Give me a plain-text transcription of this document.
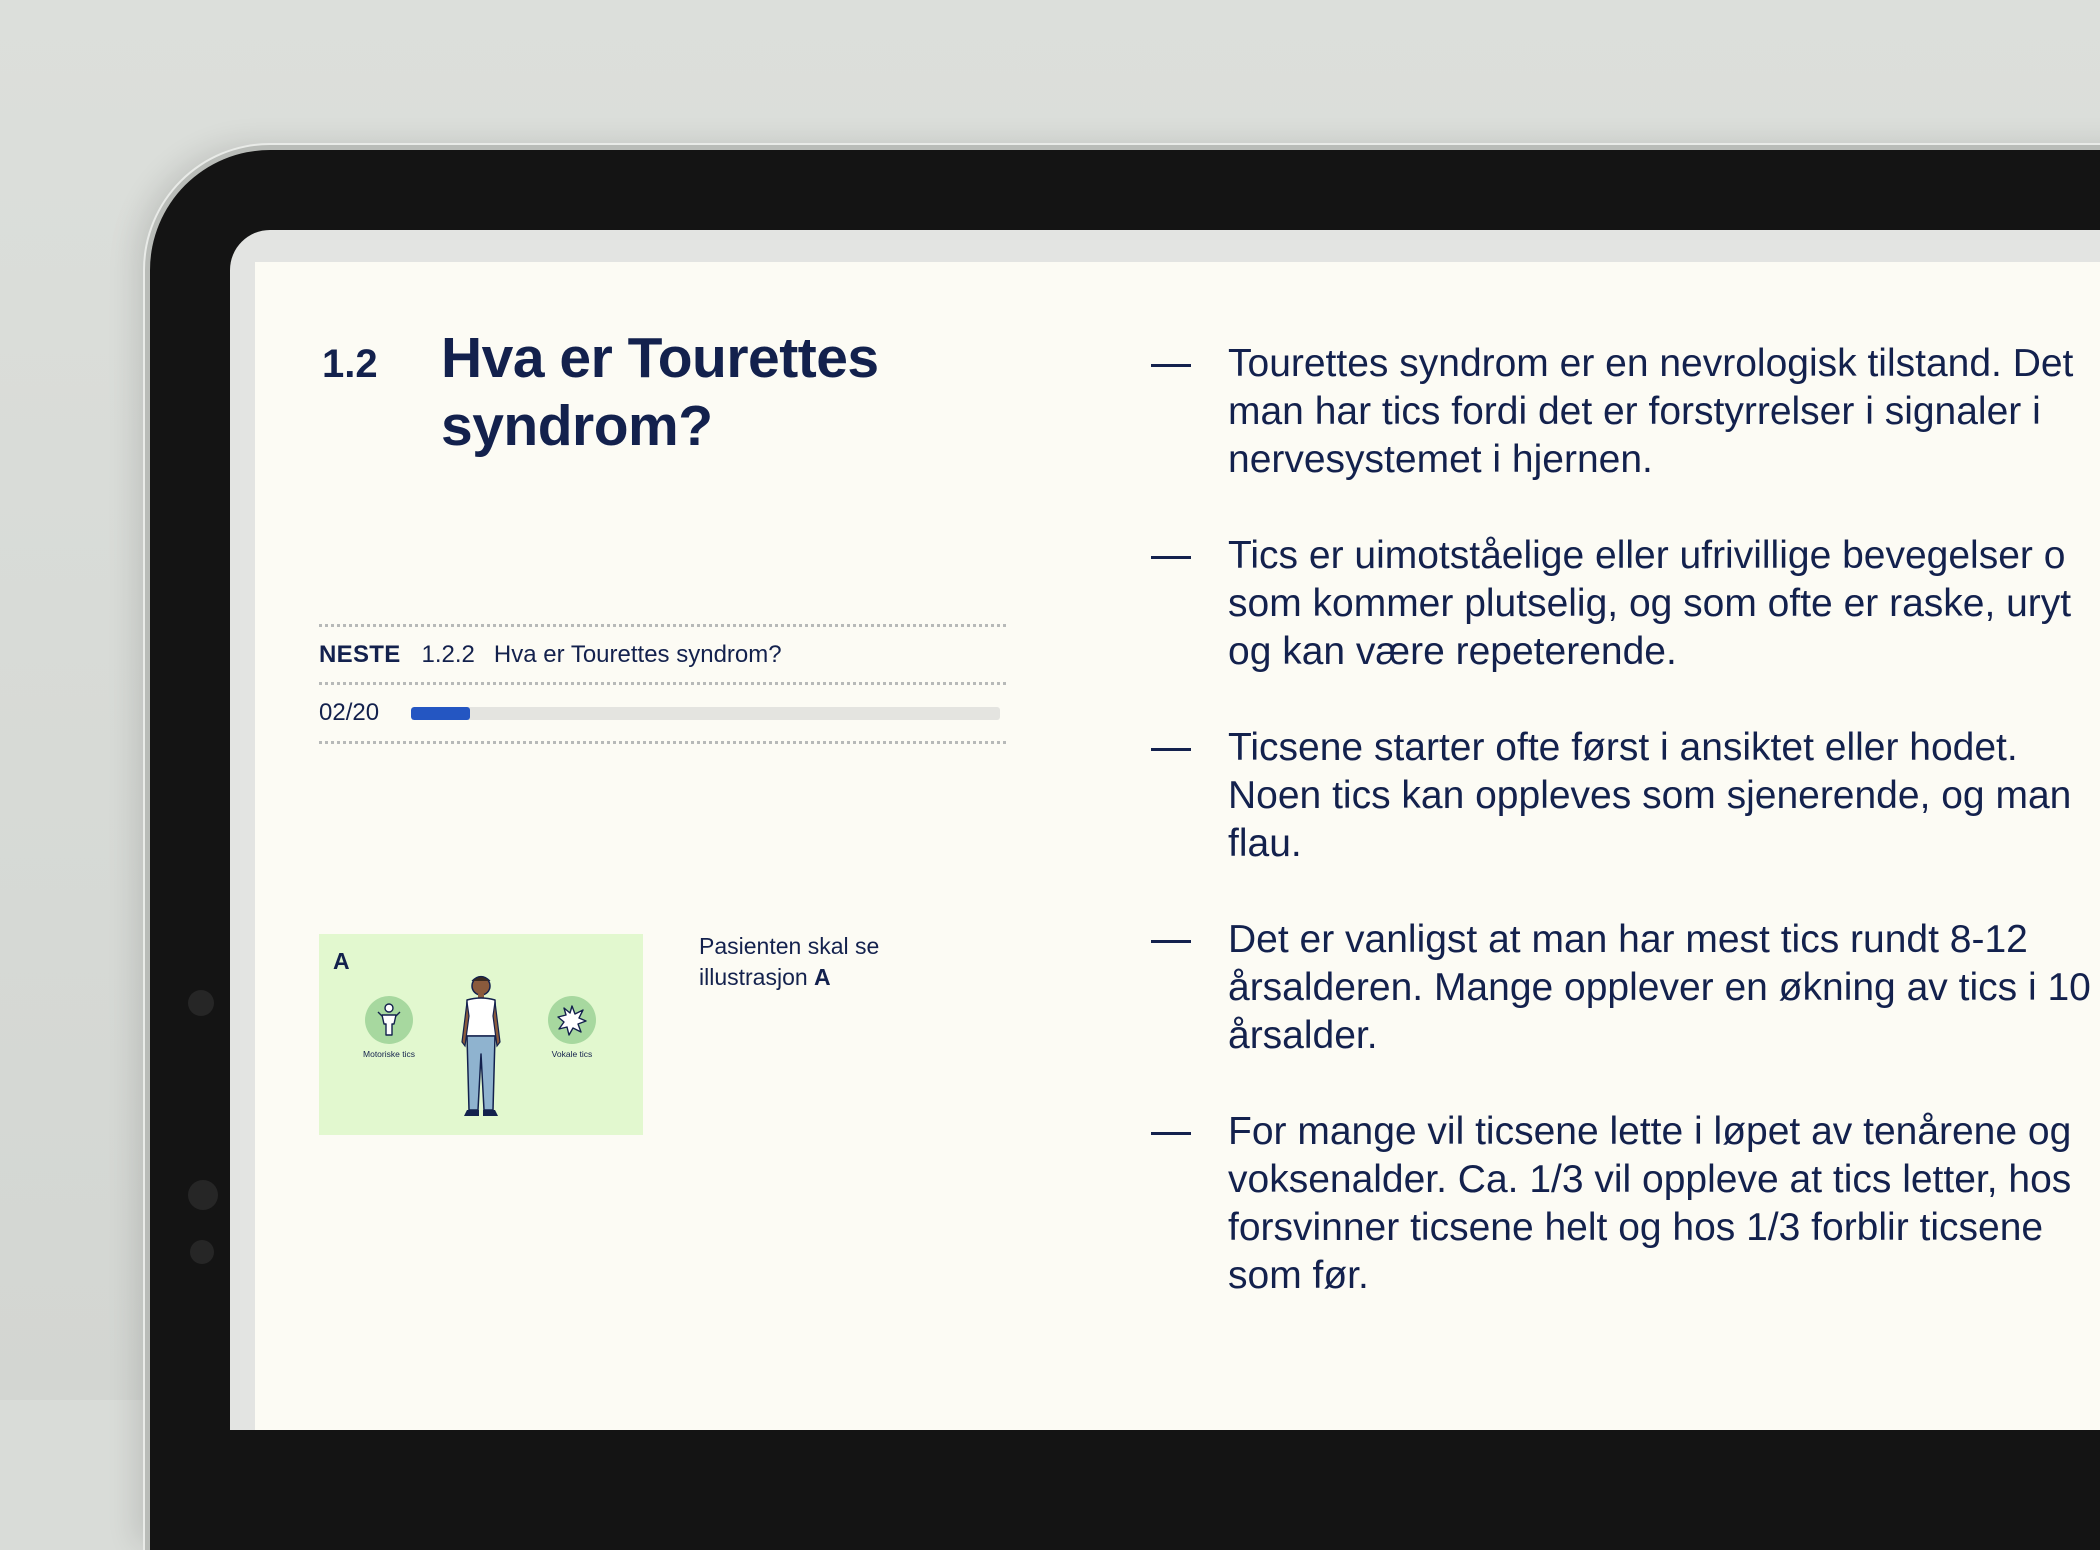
1.2 Hva er Tourettes syndrom?
NESTE 1.2.2 Hva er Tourettes syndrom?
02/20
A
Motoriske tics	Vokale tics
Pasienten skal se illustrasjon A
Tourettes syndrom er en nevrologisk tilstand. Det
man har tics fordi det er forstyrrelser i signaler i
nervesystemet i hjernen.
Tics er uimotståelige eller ufrivillige bevegelser o
som kommer plutselig, og som ofte er raske, uryt
og kan være repeterende.
Ticsene starter ofte først i ansiktet eller hodet.
Noen tics kan oppleves som sjenerende, og man
flau.
Det er vanligst at man har mest tics rundt 8-12
årsalderen. Mange opplever en økning av tics i 10
årsalder.
For mange vil ticsene lette i løpet av tenårene og
voksenalder. Ca. 1/3 vil oppleve at tics letter, hos
forsvinner ticsene helt og hos 1/3 forblir ticsene
som før.
